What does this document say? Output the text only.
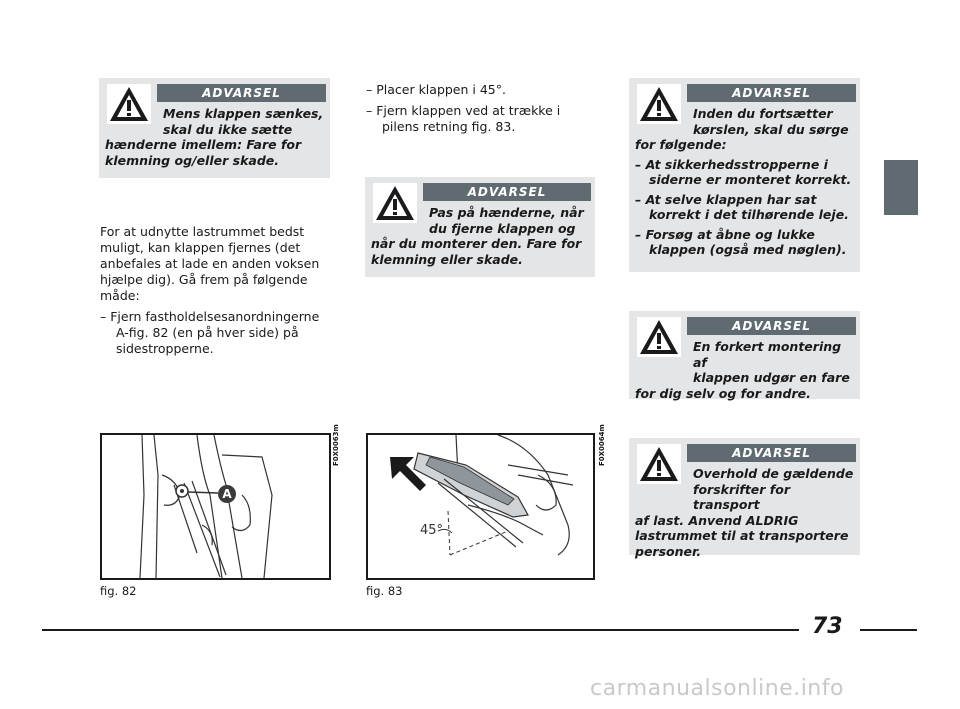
ADVARSEL

Mens klappen sænkes,

skal du ikke sætte

hænderne imellem: Fare for

klemning og/eller skade.

For at udnytte lastrummet bedst muligt, kan klappen fjernes (det anbefales at lade en anden voksen hjælpe dig). Gå frem på følgende måde:

– Fjern fastholdelsesanordningerne A-fig. 82 (en på hver side) på sidestropperne.

– Placer klappen i 45°.

– Fjern klappen ved at trække i pilens retning fig. 83.

ADVARSEL

Pas på hænderne, når

du fjerne klappen og

når du monterer den. Fare for

klemning eller skade.

ADVARSEL

Inden du fortsætter

kørslen, skal du sørge

for følgende:

– At sikkerhedsstropperne i siderne er monteret korrekt.

– At selve klappen har sat korrekt i det tilhørende leje.

– Forsøg at åbne og lukke klappen (også med nøglen).

ADVARSEL

En forkert montering af

klappen udgør en fare

for dig selv og for andre.

ADVARSEL

Overhold de gældende

forskrifter for transport

af last. Anvend ALDRIG

lastrummet til at transportere

personer.

A
F0X0063m
fig. 82
45°
F0X0064m
fig. 83
73
carmanualsonline.info
